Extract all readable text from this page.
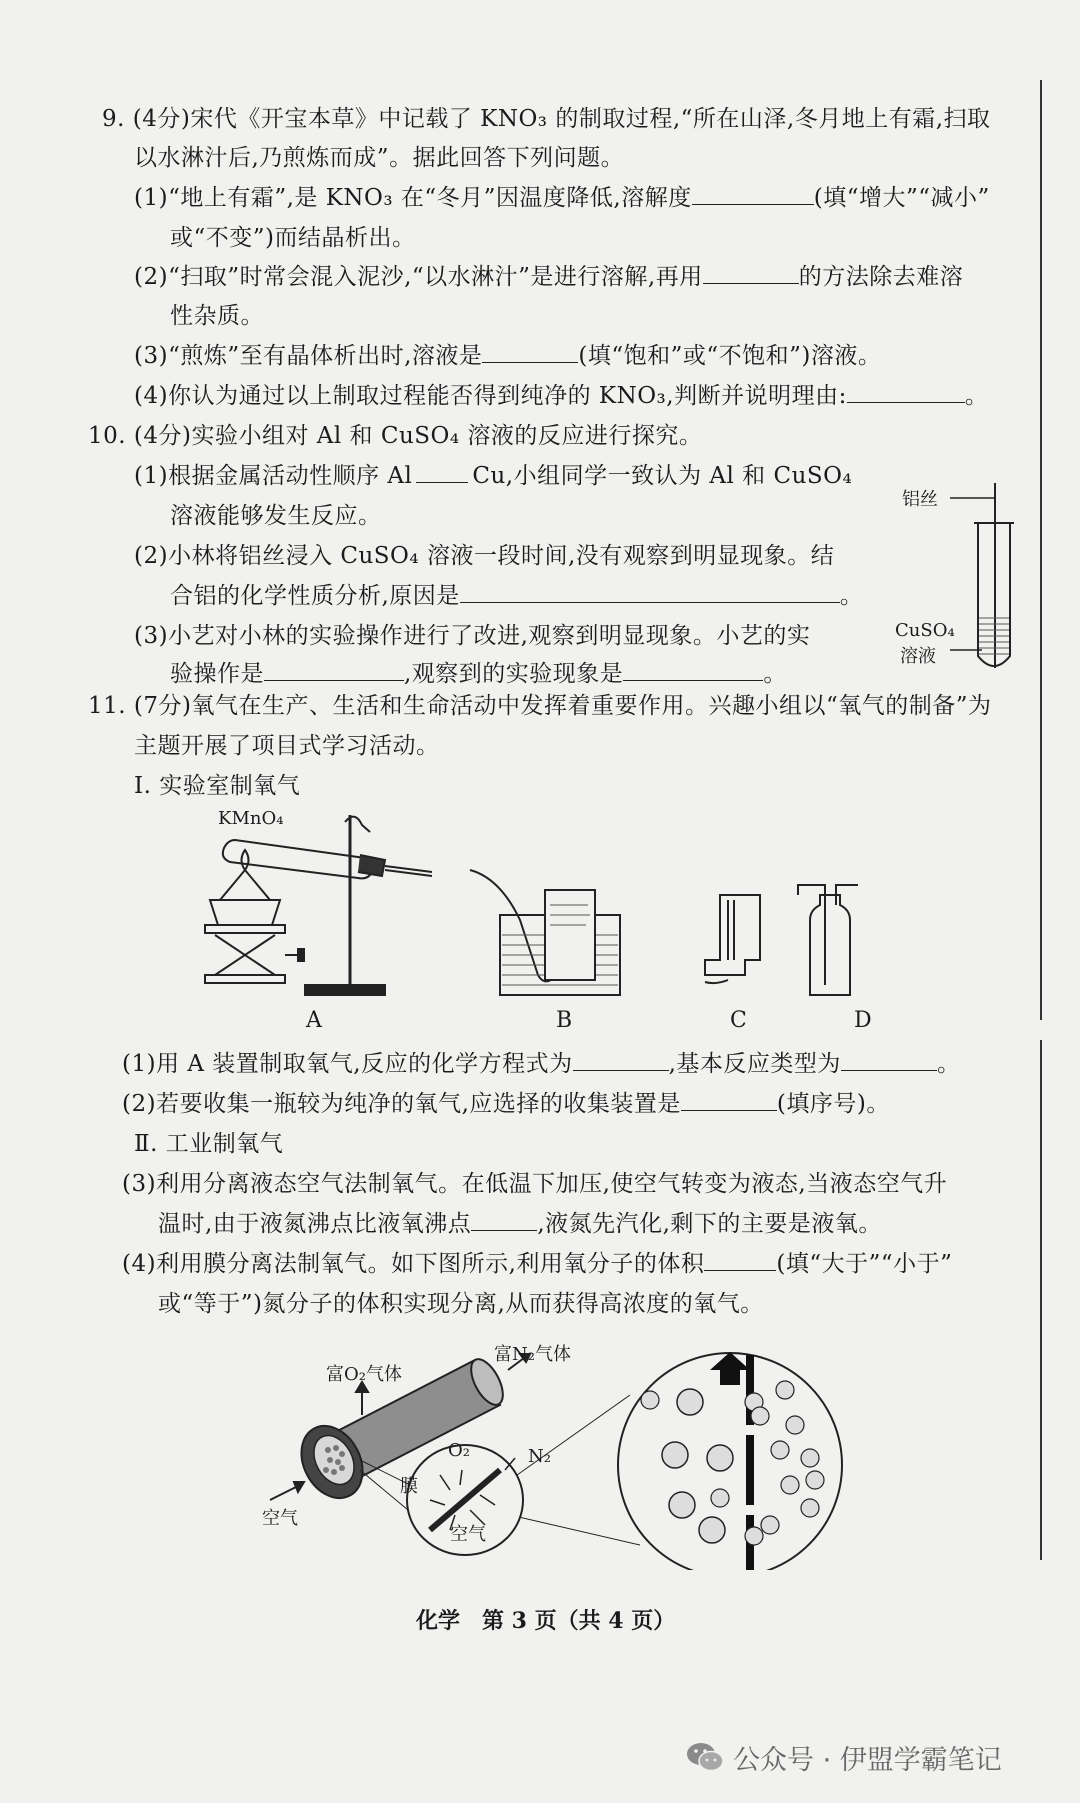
9. (4分)宋代《开宝本草》中记载了 KNO₃ 的制取过程,“所在山泽,冬月地上有霜,扫取
以水淋汁后,乃煎炼而成”。据此回答下列问题。
(1)“地上有霜”,是 KNO₃ 在“冬月”因温度降低,溶解度	(填“增大”“减小”
或“不变”)而结晶析出。
(2)“扫取”时常会混入泥沙,“以水淋汁”是进行溶解,再用	的方法除去难溶
性杂质。
(3)“煎炼”至有晶体析出时,溶液是	(填“饱和”或“不饱和”)溶液。
(4)你认为通过以上制取过程能否得到纯净的 KNO₃,判断并说明理由:	。
10. (4分)实验小组对 Al 和 CuSO₄ 溶液的反应进行探究。
(1)根据金属活动性顺序 Al	Cu,小组同学一致认为 Al 和 CuSO₄
溶液能够发生反应。
(2)小林将铝丝浸入 CuSO₄ 溶液一段时间,没有观察到明显现象。结
合铝的化学性质分析,原因是	。
(3)小艺对小林的实验操作进行了改进,观察到明显现象。小艺的实
验操作是	,观察到的实验现象是	。
铝丝
CuSO₄
溶液
11. (7分)氧气在生产、生活和生命活动中发挥着重要作用。兴趣小组以“氧气的制备”为
主题开展了项目式学习活动。
Ⅰ. 实验室制氧气
KMnO₄
A	B	C	D
(1)用 A 装置制取氧气,反应的化学方程式为	,基本反应类型为	。
(2)若要收集一瓶较为纯净的氧气,应选择的收集装置是	(填序号)。
Ⅱ. 工业制氧气
(3)利用分离液态空气法制氧气。在低温下加压,使空气转变为液态,当液态空气升
温时,由于液氮沸点比液氧沸点	,液氮先汽化,剩下的主要是液氧。
(4)利用膜分离法制氧气。如下图所示,利用氧分子的体积	(填“大于”“小于”
或“等于”)氮分子的体积实现分离,从而获得高浓度的氧气。
富O₂气体
富N₂气体
空气
空气
膜
O₂	N₂
化学　第 3 页（共 4 页）
公众号 · 伊盟学霸笔记
